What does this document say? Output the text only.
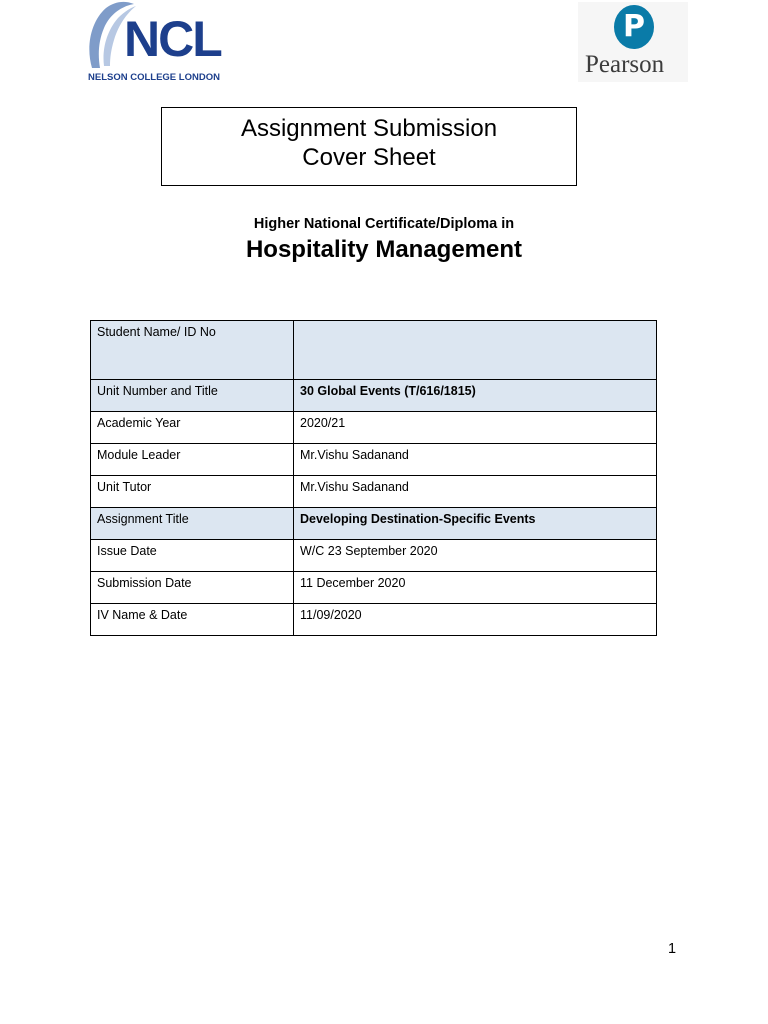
NCL
NELSON COLLEGE LONDON
P
Pearson
Assignment Submission
Cover Sheet
Higher National Certificate/Diploma in
Hospitality Management
Student Name/ ID No	
Unit Number and Title	30 Global Events (T/616/1815)
Academic Year	2020/21
Module Leader	Mr.Vishu Sadanand
Unit Tutor	Mr.Vishu Sadanand
Assignment Title	Developing Destination-Specific Events
Issue Date	W/C 23 September 2020
Submission Date	11 December 2020
IV Name & Date	11/09/2020
1
